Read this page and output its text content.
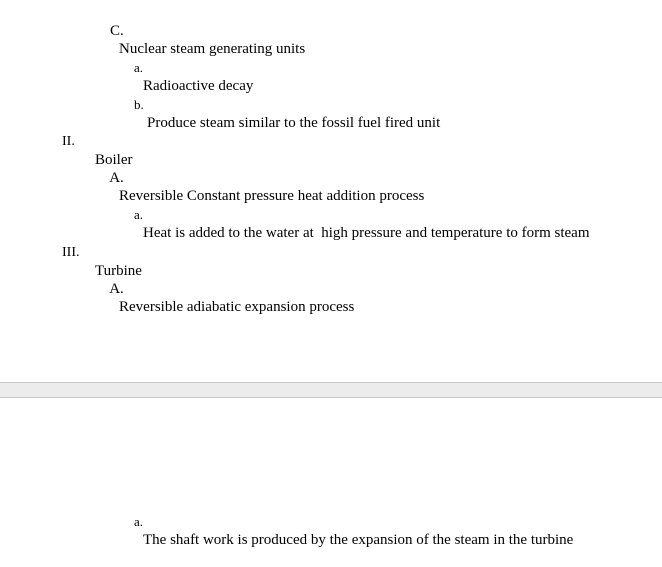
C.

Nuclear steam generating units

a.

Radioactive decay

b.

Produce steam similar to the fossil fuel fired unit

II.

Boiler

A.

Reversible Constant pressure heat addition process

a.

Heat is added to the water at  high pressure and temperature to form steam

III.

Turbine

A.

Reversible adiabatic expansion process

a.

The shaft work is produced by the expansion of the steam in the turbine
